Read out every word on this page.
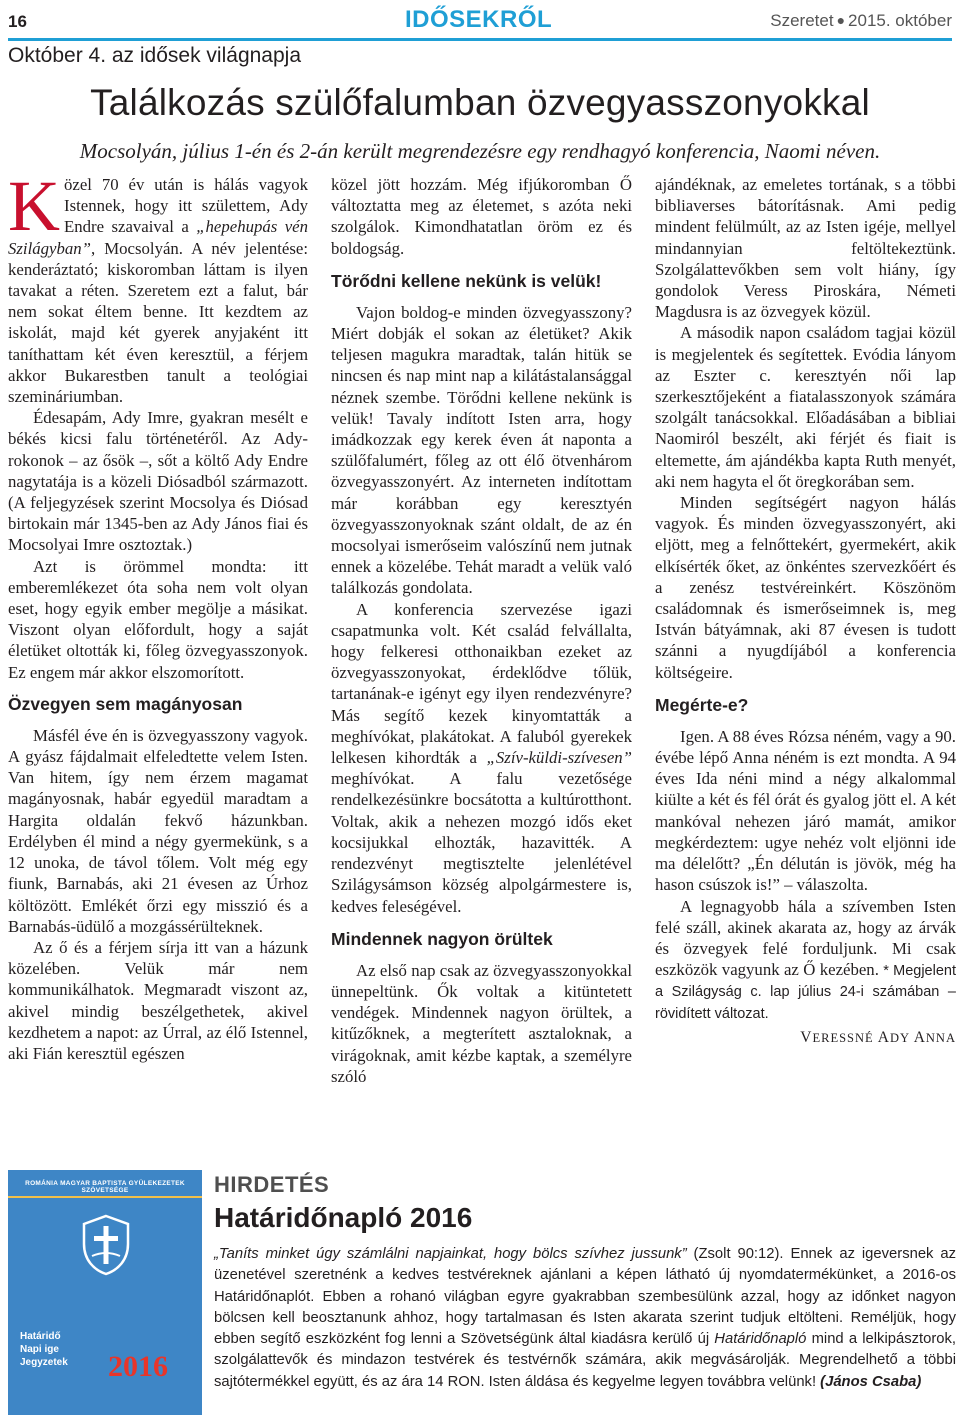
16	IDŐSEKRŐL	Szeretet ● 2015. október
Október 4. az idősek világnapja
Találkozás szülőfalumban özvegyasszonyokkal
Mocsolyán, július 1-én és 2-án került megrendezésre egy rendhagyó konferencia, Naomi néven.

Közel 70 év után is hálás vagyok Istennek, hogy itt születtem, Ady Endre szavaival a „hepehupás vén Szilágyban”, Mocsolyán. A név jelentése: kenderáztató; kiskoromban láttam is ilyen tavakat a réten. Szeretem ezt a falut, bár nem sokat éltem benne. Itt kezdtem az iskolát, majd két gyerek anyjaként itt taníthattam két éven keresztül, a férjem akkor Bukarestben tanult a teológiai szemináriumban.

Édesapám, Ady Imre, gyakran mesélt e békés kicsi falu történetéről. Az Ady-rokonok – az ősök –, sőt a költő Ady Endre nagytatája is a közeli Diósadból származott. (A feljegyzések szerint Mocsolya és Diósad birtokain már 1345-ben az Ady János fiai és Mocsolyai Imre osztoztak.)

Azt is örömmel mondta: itt emberemlékezet óta soha nem volt olyan eset, hogy egyik ember megölje a másikat. Viszont olyan előfordult, hogy a saját életüket oltották ki, főleg özvegyasszonyok. Ez engem már akkor elszomorított.

Özvegyen sem magányosan

Másfél éve én is özvegyasszony vagyok. A gyász fájdalmait elfeledtette velem Isten. Van hitem, így nem érzem magamat magányosnak, habár egyedül maradtam a Hargita oldalán fekvő házunkban. Erdélyben él mind a négy gyermekünk, s a 12 unoka, de távol tőlem. Volt még egy fiunk, Barnabás, aki 21 évesen az Úrhoz költözött. Emlékét őrzi egy misszió és a Barnabás-üdülő a mozgássérülteknek.

Az ő és a férjem sírja itt van a házunk közelében. Velük már nem kommunikálhatok. Megmaradt viszont az, akivel mindig beszélgethetek, akivel kezdhetem a napot: az Úrral, az élő Istennel, aki Fián keresztül egészen

közel jött hozzám. Még ifjúkoromban Ő változtatta meg az életemet, s azóta neki szolgálok. Kimondhatatlan öröm ez és boldogság.

Törődni kellene nekünk is velük!

Vajon boldog-e minden özvegyasszony? Miért dobják el sokan az életüket? Akik teljesen magukra maradtak, talán hitük se nincsen és nap mint nap a kilátástalansággal néznek szembe. Törődni kellene nekünk is velük! Tavaly indított Isten arra, hogy imádkozzak egy kerek éven át naponta a szülőfalumért, főleg az ott élő ötvenhárom özvegyasszonyért. Az interneten indítottam már korábban egy keresztyén özvegyasszonyoknak szánt oldalt, de az én mocsolyai ismerőseim valószínű nem jutnak ennek a közelébe. Tehát maradt a velük való találkozás gondolata.

A konferencia szervezése igazi csapatmunka volt. Két család felvállalta, hogy felkeresi otthonaikban ezeket az özvegyasszonyokat, érdeklődve tőlük, tartanának-e igényt egy ilyen rendezvényre? Más segítő kezek kinyomtatták a meghívókat, plakátokat. A faluból gyerekek lelkesen kihordták a „Szív-küldi-szívesen” meghívókat. A falu vezetősége rendelkezésünkre bocsátotta a kultúrotthont. Voltak, akik a nehezen mozgó idős eket kocsijukkal elhozták, hazavitték. A rendezvényt megtisztelte jelenlétével Szilágysámson község alpolgármestere is, kedves feleségével.

Mindennek nagyon örültek

Az első nap csak az özvegyasszonyokkal ünnepeltünk. Ők voltak a kitüntetett vendégek. Mindennek nagyon örültek, a kitűzőknek, a megterített asztaloknak, a virágoknak, amit kézbe kaptak, a személyre szóló

ajándéknak, az emeletes tortának, s a többi bibliaverses bátorításnak. Ami pedig mindent felülmúlt, az az Isten igéje, mellyel mindannyian feltöltekeztünk. Szolgálattevőkben sem volt hiány, így gondolok Veress Piroskára, Németi Magdusra is az özvegyek közül.

A második napon családom tagjai közül is megjelentek és segítettek. Evódia lányom az Eszter c. keresztyén női lap szerkesztőjeként a fiatalasszonyok számára szolgált tanácsokkal. Előadásában a bibliai Naomiról beszélt, aki férjét és fiait is eltemette, ám ajándékba kapta Ruth menyét, aki nem hagyta el őt öregkorában sem.

Minden segítségért nagyon hálás vagyok. És minden özvegyasszonyért, aki eljött, meg a felnőttekért, gyermekért, akik elkísérték őket, az önkéntes szervezkőért és a zenész testvéreinkért. Köszönöm családomnak és ismerőseimnek is, meg István bátyámnak, aki 87 évesen is tudott szánni a nyugdíjából a konferencia költségeire.

Megérte-e?

Igen. A 88 éves Rózsa néném, vagy a 90. évébe lépő Anna néném is ezt mondta. A 94 éves Ida néni mind a négy alkalommal kiülte a két és fél órát és gyalog jött el. A két mankóval nehezen járó mamát, amikor megkérdeztem: ugye nehéz volt eljönni ide ma délelőtt? „Én délután is jövök, még ha hason csúszok is!” – válaszolta.

A legnagyobb hála a szívemben Isten felé száll, akinek akarata az, hogy az árvák és özvegyek felé forduljunk. Mi csak eszközök vagyunk az Ő kezében. * Megjelent a Szilágyság c. lap július 24-i számában – rövidített változat.

VERESSNÉ ADY ANNA
ROMÁNIA MAGYAR BAPTISTA GYÜLEKEZETEK SZÖVETSÉGE
Határidő
Napi ige
Jegyzetek 2016
HIRDETÉS
Határidőnapló 2016
„Taníts minket úgy számlálni napjainkat, hogy bölcs szívhez jussunk” (Zsolt 90:12). Ennek az igeversnek az üzenetével szeretnénk a kedves testvéreknek ajánlani a képen látható új nyomdatermékünket, a 2016-os Határidőnaplót. Ebben a rohanó világban egyre gyakrabban szembesülünk azzal, hogy az időnket nagyon bölcsen kell beosztanunk ahhoz, hogy tartalmasan és Isten akarata szerint tudjuk eltölteni. Reméljük, hogy ebben segítő eszközként fog lenni a Szövetségünk által kiadásra kerülő új Határidőnapló mind a lelkipásztorok, szolgálattevők és mindazon testvérek és testvérnők számára, akik megvásárolják. Megrendelhető a többi sajtótermékkel együtt, és az ára 14 RON. Isten áldása és kegyelme legyen továbbra velünk! (János Csaba)
